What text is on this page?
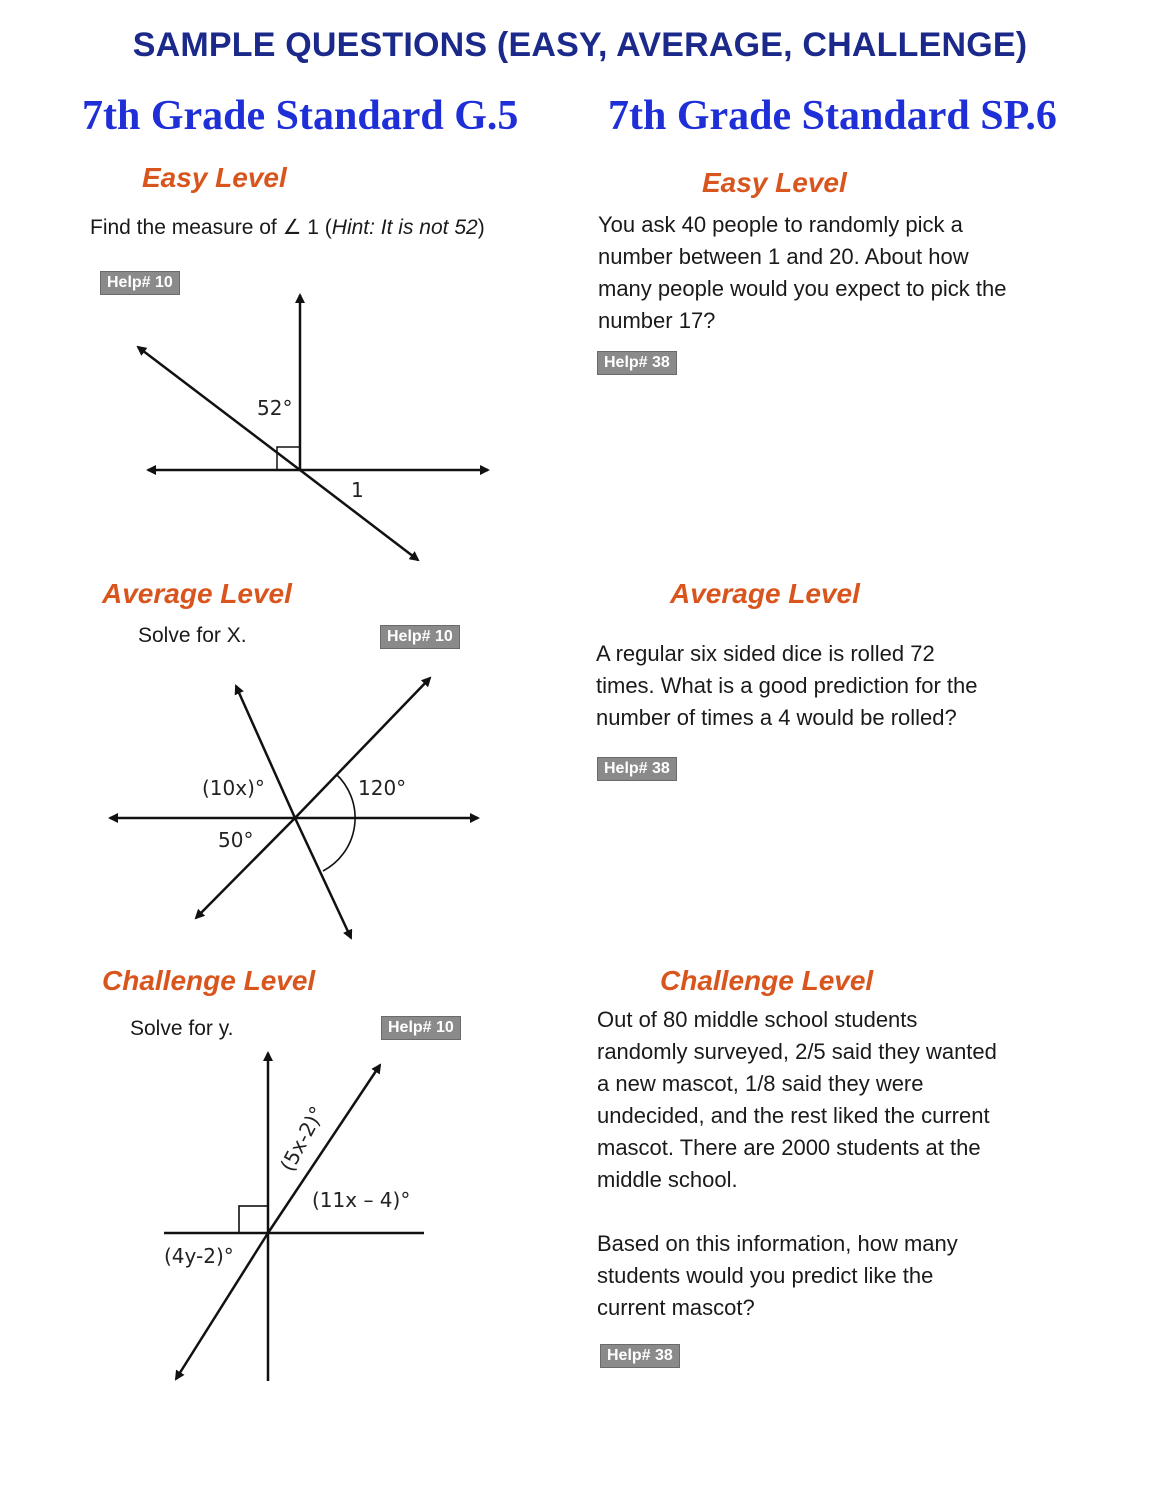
SAMPLE QUESTIONS (EASY, AVERAGE, CHALLENGE)
7th Grade Standard G.5 7th Grade Standard SP.6
Easy Level
Find the measure of ∠ 1 (Hint: It is not 52)
Help# 10
52°
1
Average Level
Solve for X.	Help# 10
(10x)°	120°
50°
Challenge Level
Solve for y.	Help# 10
(5x-2)°
(11x – 4)°
(4y-2)°
Easy Level
You ask 40 people to randomly pick a
number between 1 and 20. About how
many people would you expect to pick the
number 17?
Help# 38
Average Level
A regular six sided dice is rolled 72
times. What is a good prediction for the
number of times a 4 would be rolled?
Help# 38
Challenge Level
Out of 80 middle school students
randomly surveyed, 2/5 said they wanted
a new mascot, 1/8 said they were
undecided, and the rest liked the current
mascot. There are 2000 students at the
middle school.
Based on this information, how many
students would you predict like the
current mascot?
Help# 38
